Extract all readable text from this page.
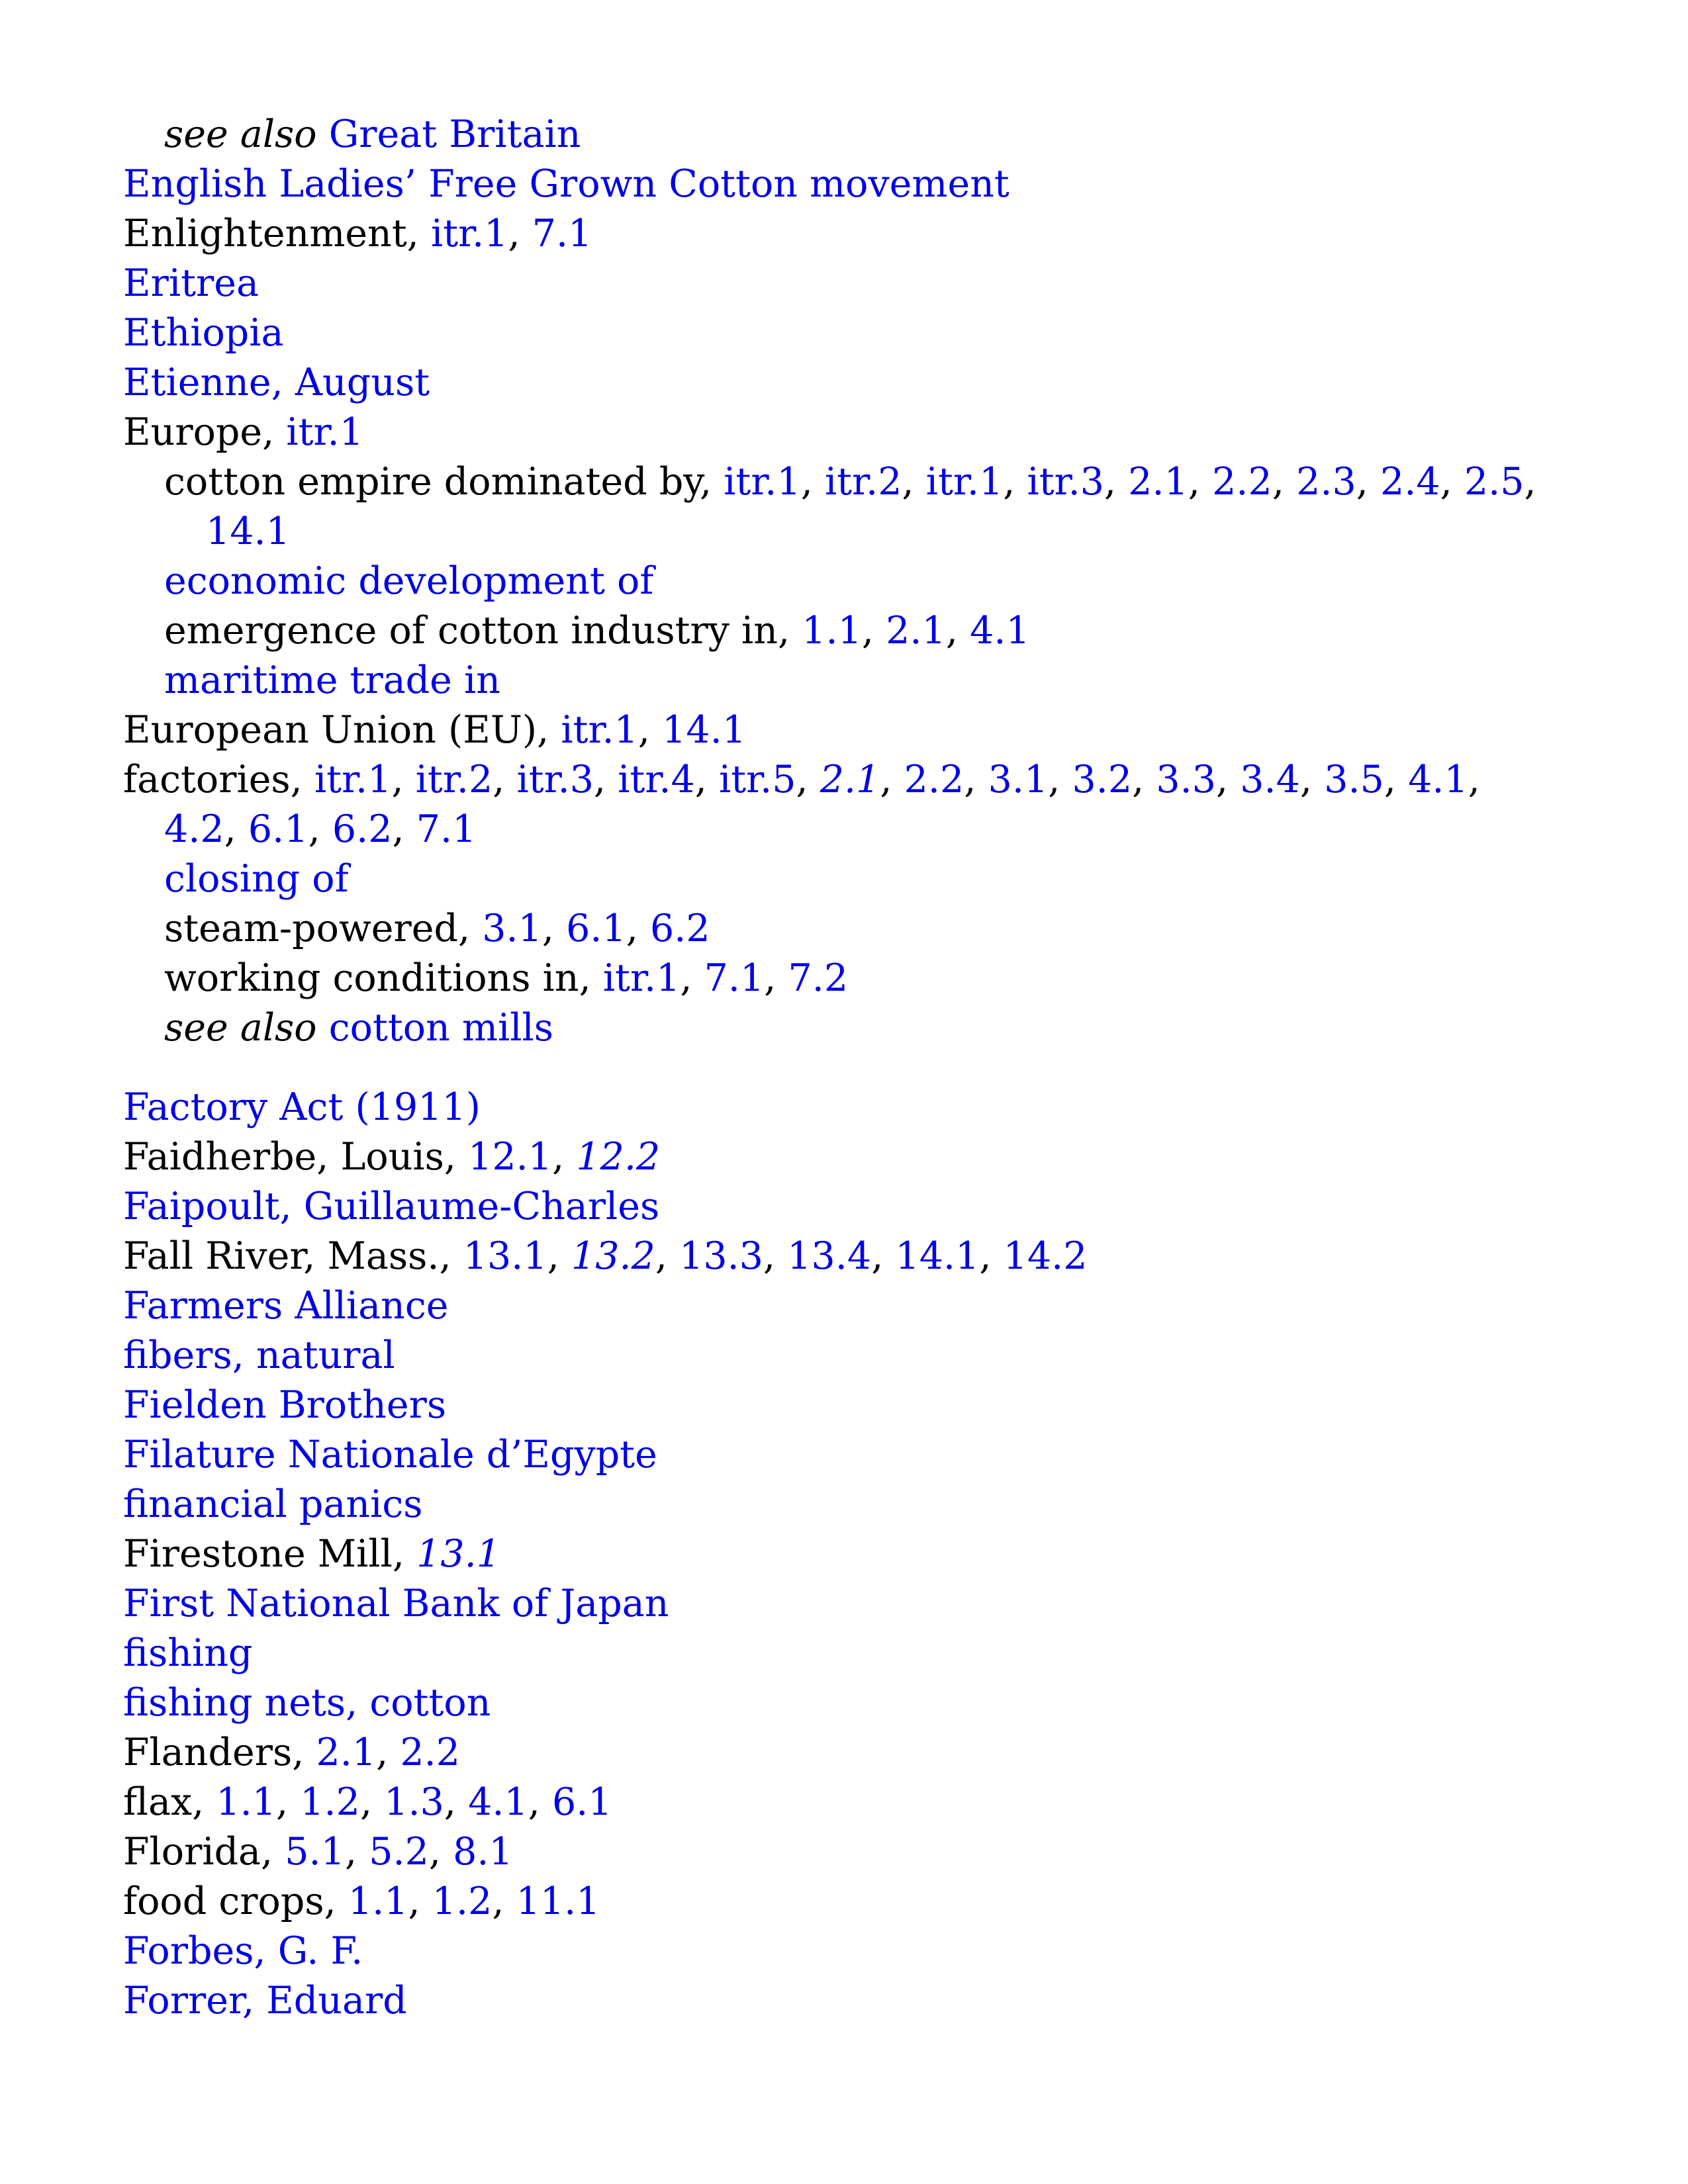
see also Great Britain
English Ladies’ Free Grown Cotton movement
Enlightenment, itr.1, 7.1
Eritrea
Ethiopia
Etienne, August
Europe, itr.1
cotton empire dominated by, itr.1, itr.2, itr.1, itr.3, 2.1, 2.2, 2.3, 2.4, 2.5,
14.1
economic development of
emergence of cotton industry in, 1.1, 2.1, 4.1
maritime trade in
European Union (EU), itr.1, 14.1
factories, itr.1, itr.2, itr.3, itr.4, itr.5, 2.1, 2.2, 3.1, 3.2, 3.3, 3.4, 3.5, 4.1,
4.2, 6.1, 6.2, 7.1
closing of
steam-powered, 3.1, 6.1, 6.2
working conditions in, itr.1, 7.1, 7.2
see also cotton mills
Factory Act (1911)
Faidherbe, Louis, 12.1, 12.2
Faipoult, Guillaume-Charles
Fall River, Mass., 13.1, 13.2, 13.3, 13.4, 14.1, 14.2
Farmers Alliance
fibers, natural
Fielden Brothers
Filature Nationale d’Egypte
financial panics
Firestone Mill, 13.1
First National Bank of Japan
fishing
fishing nets, cotton
Flanders, 2.1, 2.2
flax, 1.1, 1.2, 1.3, 4.1, 6.1
Florida, 5.1, 5.2, 8.1
food crops, 1.1, 1.2, 11.1
Forbes, G. F.
Forrer, Eduard
